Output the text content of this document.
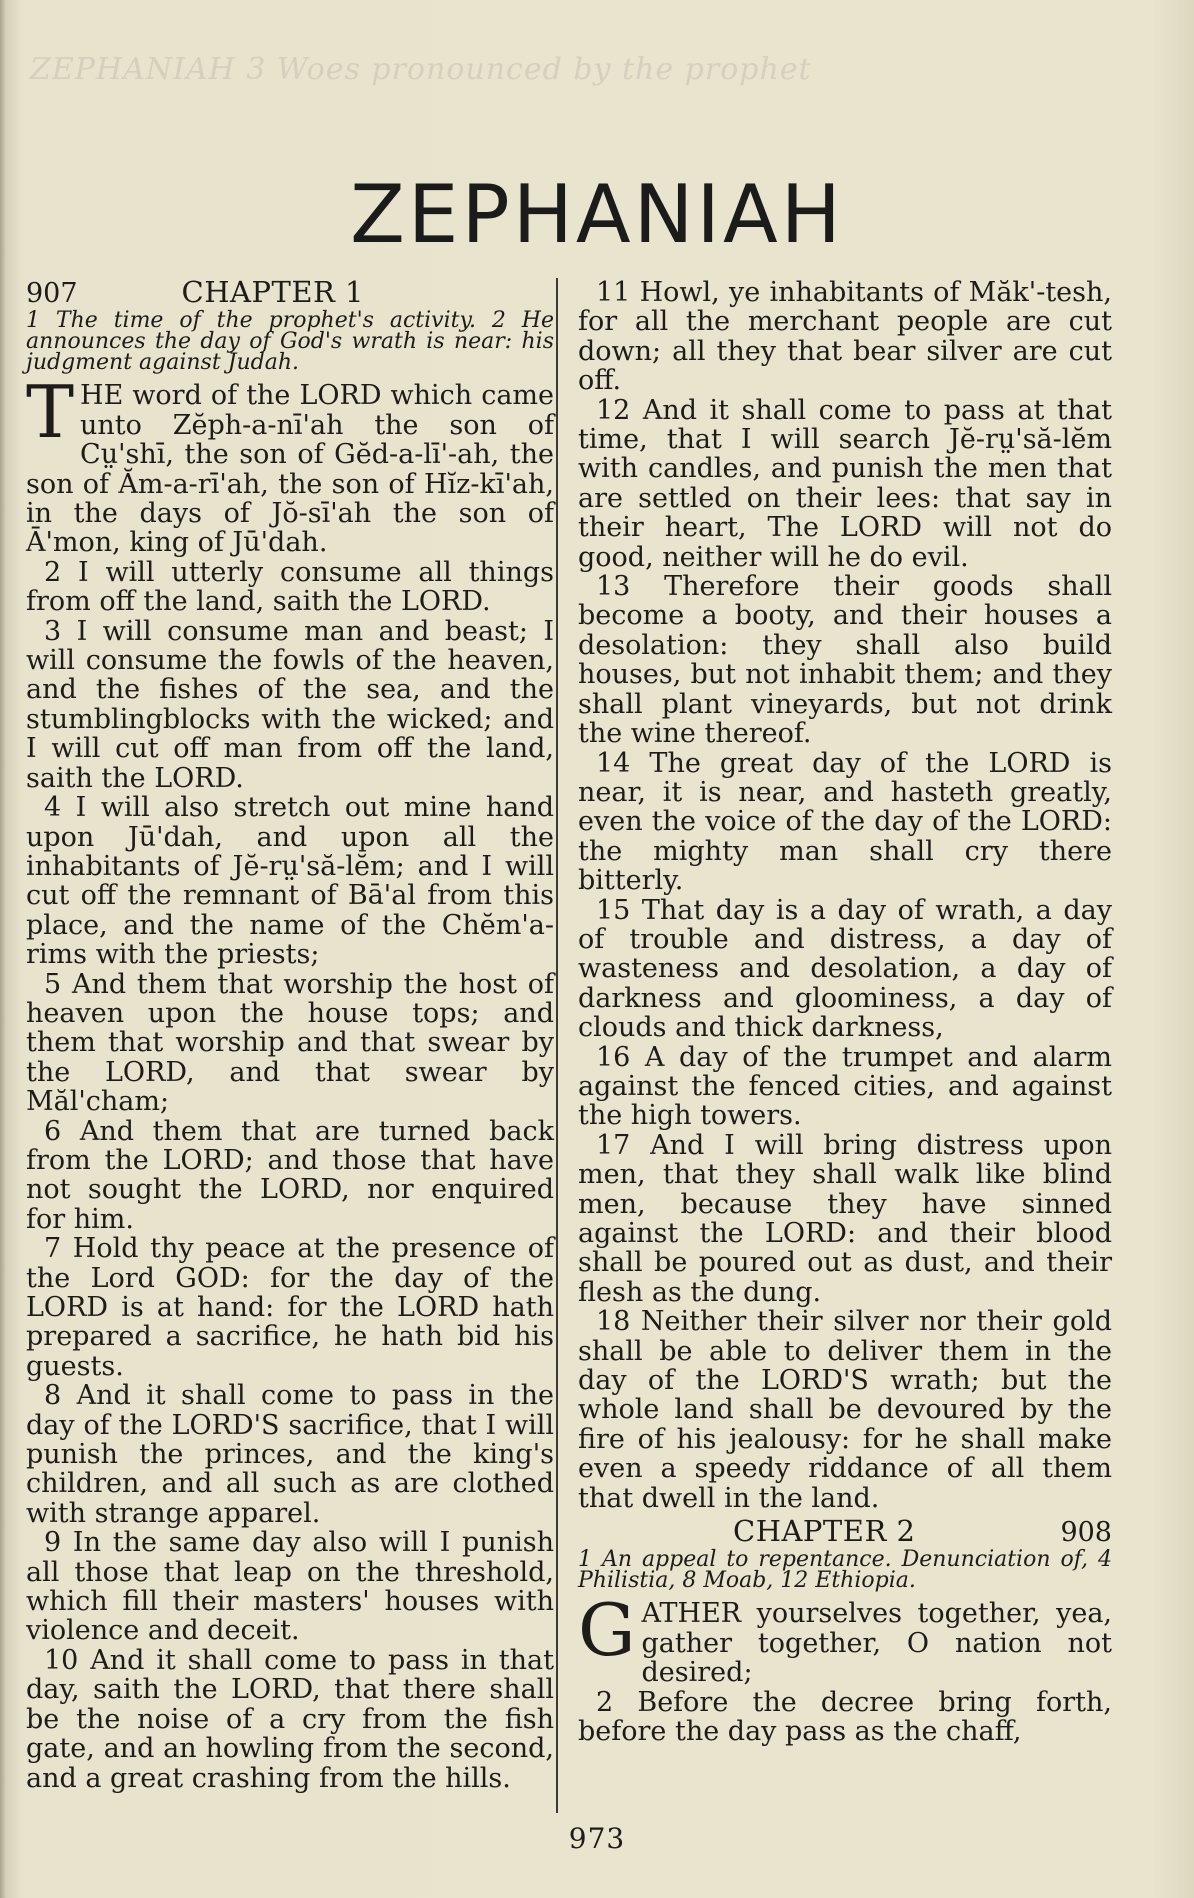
ZEPHANIAH 3 Woes pronounced by the prophet
ZEPHANIAH
907	CHAPTER 1

1 The time of the prophet's activity. 2 He announces the day of God's wrath is near: his judgment against Judah.

T HE word of the LORD which came unto Zĕph-a-nī'ah the son of Cṳ'shī, the son of Gĕd-a-lī'-ah, the son of Ăm-a-rī'ah, the son of Hĭz-kī'ah, in the days of Jŏ-sī'ah the son of Ā'mon, king of Jū'dah.

2 I will utterly consume all things from off the land, saith the LORD.

3 I will consume man and beast; I will consume the fowls of the heaven, and the fishes of the sea, and the stumblingblocks with the wicked; and I will cut off man from off the land, saith the LORD.

4 I will also stretch out mine hand upon Jū'dah, and upon all the inhabitants of Jĕ-rṳ'să-lĕm; and I will cut off the remnant of Bā'al from this place, and the name of the Chĕm'a-rims with the priests;

5 And them that worship the host of heaven upon the house tops; and them that worship and that swear by the LORD, and that swear by Măl'cham;

6 And them that are turned back from the LORD; and those that have not sought the LORD, nor enquired for him.

7 Hold thy peace at the presence of the Lord GOD: for the day of the LORD is at hand: for the LORD hath prepared a sacrifice, he hath bid his guests.

8 And it shall come to pass in the day of the LORD'S sacrifice, that I will punish the princes, and the king's children, and all such as are clothed with strange apparel.

9 In the same day also will I punish all those that leap on the threshold, which fill their masters' houses with violence and deceit.

10 And it shall come to pass in that day, saith the LORD, that there shall be the noise of a cry from the fish gate, and an howling from the second, and a great crashing from the hills.

11 Howl, ye inhabitants of Măk'-tesh, for all the merchant people are cut down; all they that bear silver are cut off.

12 And it shall come to pass at that time, that I will search Jĕ-rṳ'să-lĕm with candles, and punish the men that are settled on their lees: that say in their heart, The LORD will not do good, neither will he do evil.

13 Therefore their goods shall become a booty, and their houses a desolation: they shall also build houses, but not inhabit them; and they shall plant vineyards, but not drink the wine thereof.

14 The great day of the LORD is near, it is near, and hasteth greatly, even the voice of the day of the LORD: the mighty man shall cry there bitterly.

15 That day is a day of wrath, a day of trouble and distress, a day of wasteness and desolation, a day of darkness and gloominess, a day of clouds and thick darkness,

16 A day of the trumpet and alarm against the fenced cities, and against the high towers.

17 And I will bring distress upon men, that they shall walk like blind men, because they have sinned against the LORD: and their blood shall be poured out as dust, and their flesh as the dung.

18 Neither their silver nor their gold shall be able to deliver them in the day of the LORD'S wrath; but the whole land shall be devoured by the fire of his jealousy: for he shall make even a speedy riddance of all them that dwell in the land.

CHAPTER 2	908

1 An appeal to repentance. Denunciation of, 4 Philistia, 8 Moab, 12 Ethiopia.

G ATHER yourselves together, yea, gather together, O nation not desired;

2 Before the decree bring forth, before the day pass as the chaff,

973
